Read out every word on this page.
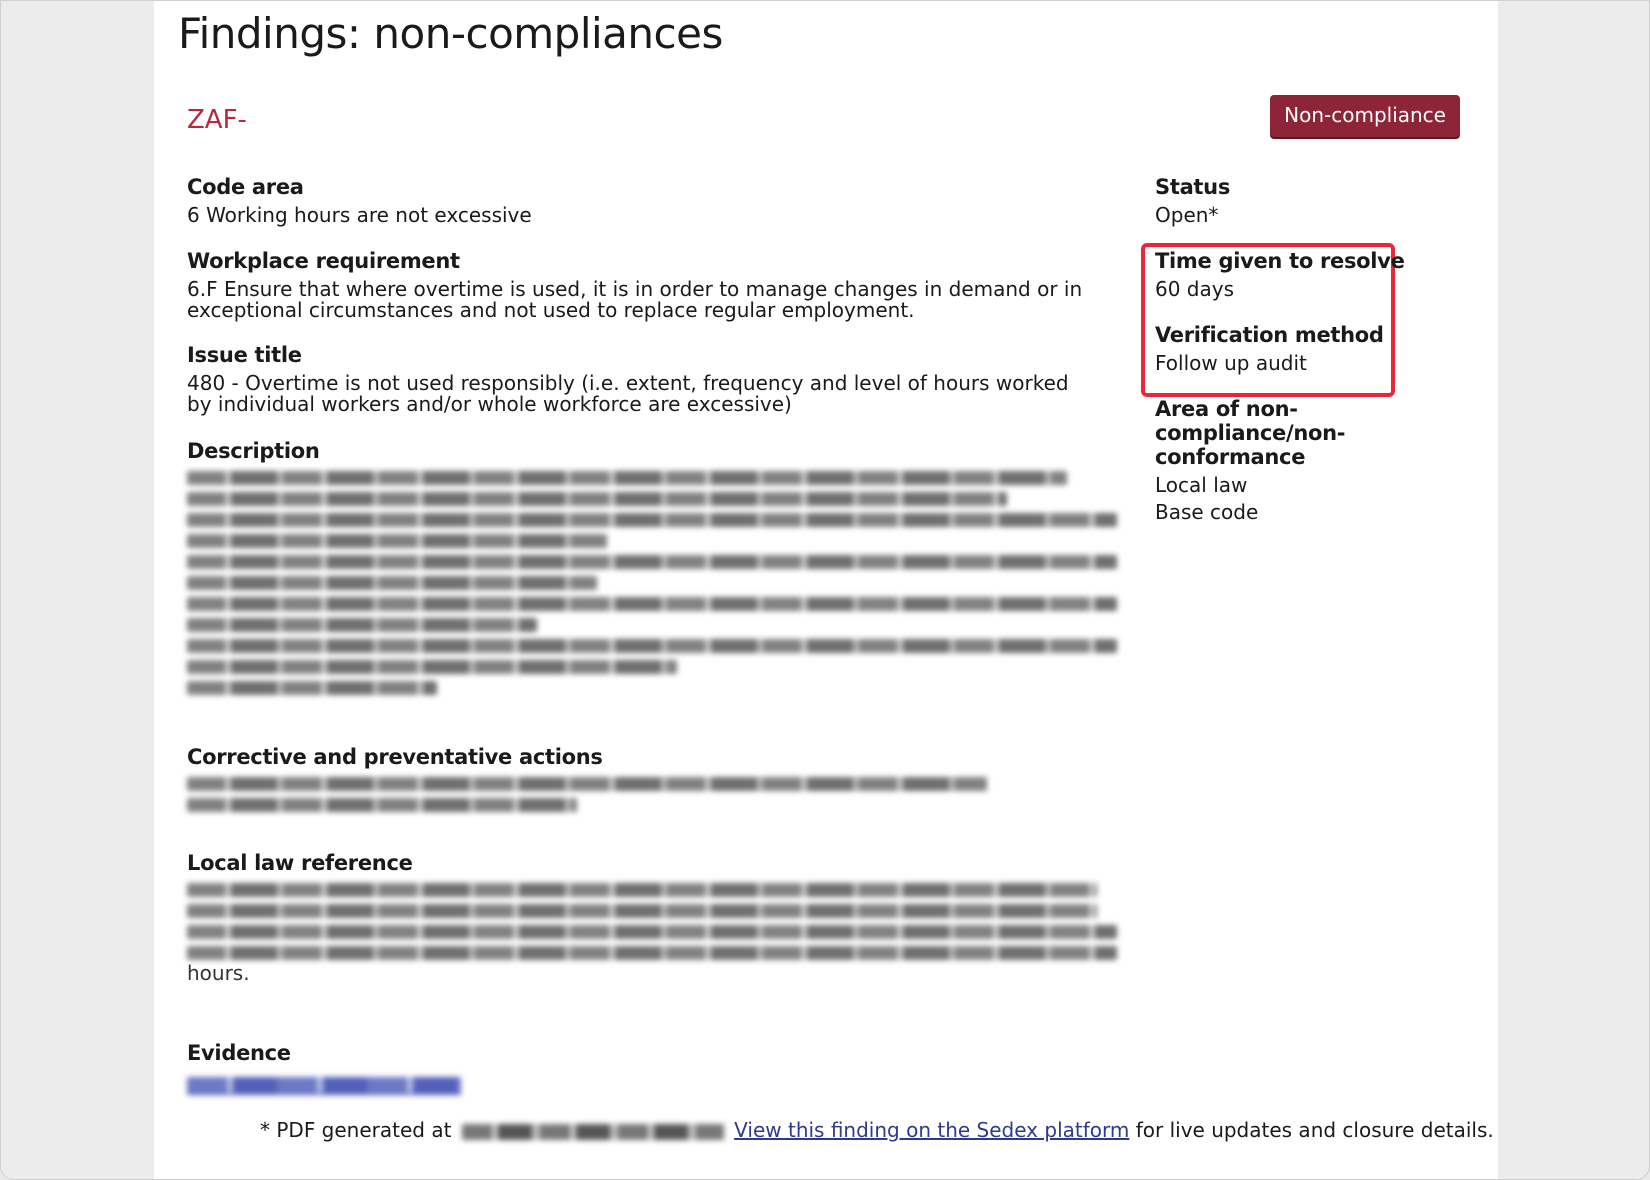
Findings: non-compliances
ZAF-	Non-compliance
Code area
6 Working hours are not excessive
Workplace requirement
6.F Ensure that where overtime is used, it is in order to manage changes in demand or in exceptional circumstances and not used to replace regular employment.
Issue title
480 - Overtime is not used responsibly (i.e. extent, frequency and level of hours worked by individual workers and/or whole workforce are excessive)
Description
Corrective and preventative actions
Local law reference
hours.
Evidence
Status
Open*
Time given to resolve
60 days
Verification method
Follow up audit
Area of non-compliance/non-conformance
Local law
Base code
* PDF generated at	View this finding on the Sedex platform for live updates and closure details.
